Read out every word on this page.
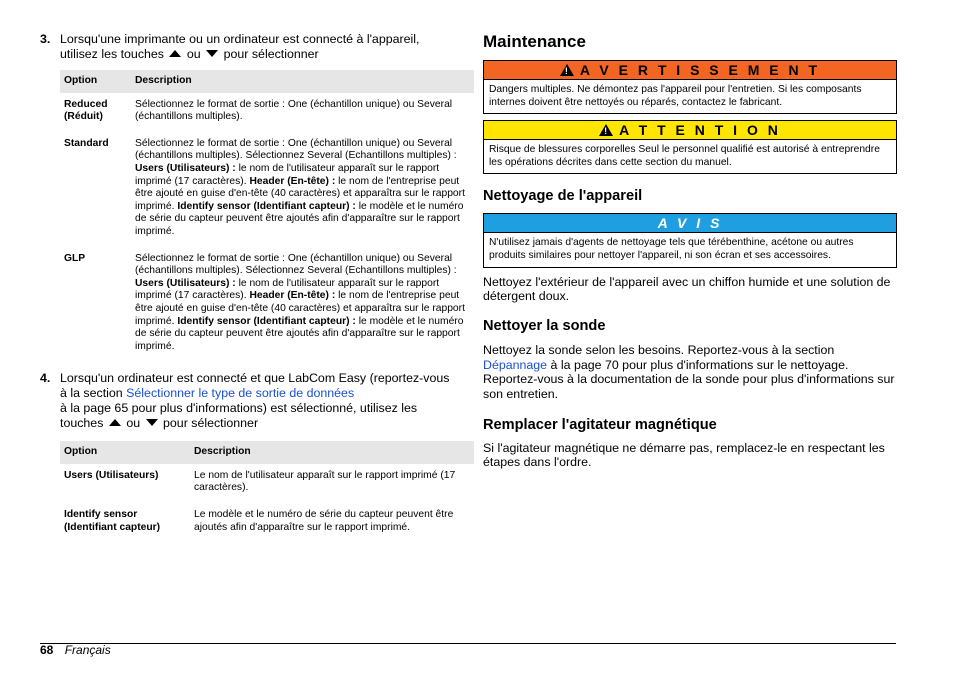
3. Lorsqu'une imprimante ou un ordinateur est connecté à l'appareil, utilisez les touches ou pour sélectionner
Option	Description
Reduced (Réduit)	Sélectionnez le format de sortie : One (échantillon unique) ou Several (échantillons multiples).
Standard	Sélectionnez le format de sortie : One (échantillon unique) ou Several (échantillons multiples). Sélectionnez Several (Echantillons multiples) : Users (Utilisateurs) : le nom de l'utilisateur apparaît sur le rapport imprimé (17 caractères). Header (En-tête) : le nom de l'entreprise peut être ajouté en guise d'en-tête (40 caractères) et apparaîtra sur le rapport imprimé. Identify sensor (Identifiant capteur) : le modèle et le numéro de série du capteur peuvent être ajoutés afin d'apparaître sur le rapport imprimé.
GLP	Sélectionnez le format de sortie : One (échantillon unique) ou Several (échantillons multiples). Sélectionnez Several (Echantillons multiples) : Users (Utilisateurs) : le nom de l'utilisateur apparaît sur le rapport imprimé (17 caractères). Header (En-tête) : le nom de l'entreprise peut être ajouté en guise d'en-tête (40 caractères) et apparaîtra sur le rapport imprimé. Identify sensor (Identifiant capteur) : le modèle et le numéro de série du capteur peuvent être ajoutés afin d'apparaître sur le rapport imprimé.
4. Lorsqu'un ordinateur est connecté et que LabCom Easy (reportez-vous à la section Sélectionner le type de sortie de données
à la page 65 pour plus d'informations) est sélectionné, utilisez les touches ou pour sélectionner
Option	Description
Users (Utilisateurs)	Le nom de l'utilisateur apparaît sur le rapport imprimé (17 caractères).
Identify sensor (Identifiant capteur)	Le modèle et le numéro de série du capteur peuvent être ajoutés afin d'apparaître sur le rapport imprimé.
Maintenance
! A V E R T I S S E M E N T
Dangers multiples. Ne démontez pas l'appareil pour l'entretien. Si les composants internes doivent être nettoyés ou réparés, contactez le fabricant.
! A T T E N T I O N
Risque de blessures corporelles Seul le personnel qualifié est autorisé à entreprendre les opérations décrites dans cette section du manuel.
Nettoyage de l'appareil
A V I S
N'utilisez jamais d'agents de nettoyage tels que térébenthine, acétone ou autres produits similaires pour nettoyer l'appareil, ni son écran et ses accessoires.

Nettoyez l'extérieur de l'appareil avec un chiffon humide et une solution de détergent doux.

Nettoyer la sonde

Nettoyez la sonde selon les besoins. Reportez-vous à la section
Dépannage à la page 70 pour plus d'informations sur le nettoyage. Reportez-vous à la documentation de la sonde pour plus d'informations sur son entretien.

Remplacer l'agitateur magnétique

Si l'agitateur magnétique ne démarre pas, remplacez-le en respectant les étapes dans l'ordre.

68 Français
